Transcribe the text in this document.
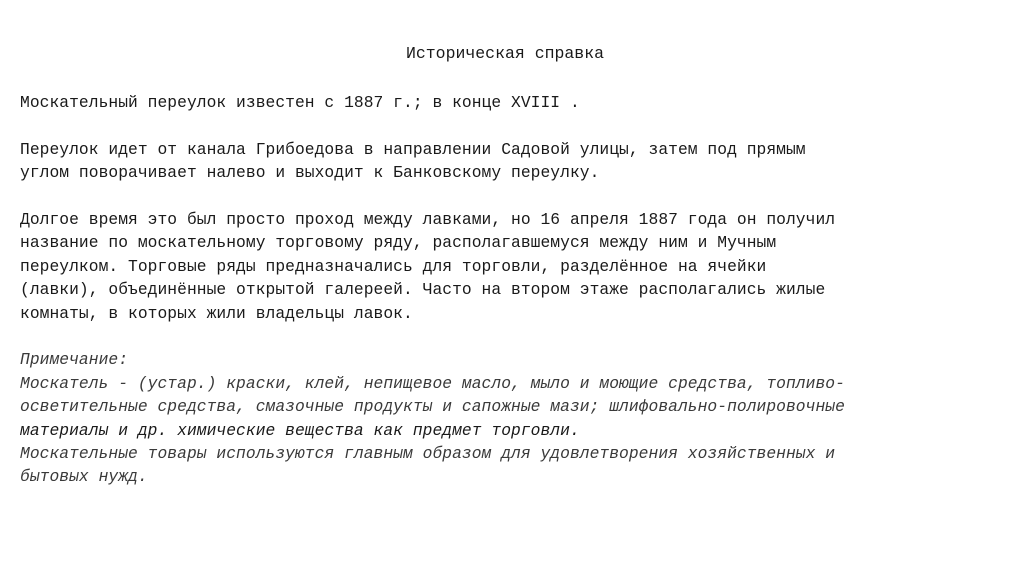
Историческая справка

Москательный переулок известен с 1887 г.; в конце XVIII .

Переулок идет от канала Грибоедова в направлении Садовой улицы, затем под прямым
углом поворачивает налево и выходит к Банковскому переулку.

Долгое время это был просто проход между лавками, но 16 апреля 1887 года он получил
название по москательному торговому ряду, располагавшемуся между ним и Мучным
переулком. Торговые ряды предназначались для торговли, разделённое на ячейки
(лавки), объединённые открытой галереей. Часто на втором этаже располагались жилые
комнаты, в которых жили владельцы лавок.

Примечание:
Москатель - (устар.) краски, клей, непищевое масло, мыло и моющие средства, топливо-
осветительные средства, смазочные продукты и сапожные мази; шлифовально-полировочные
материалы и др. химические вещества как предмет торговли.
Москательные товары используются главным образом для удовлетворения хозяйственных и
бытовых нужд.
